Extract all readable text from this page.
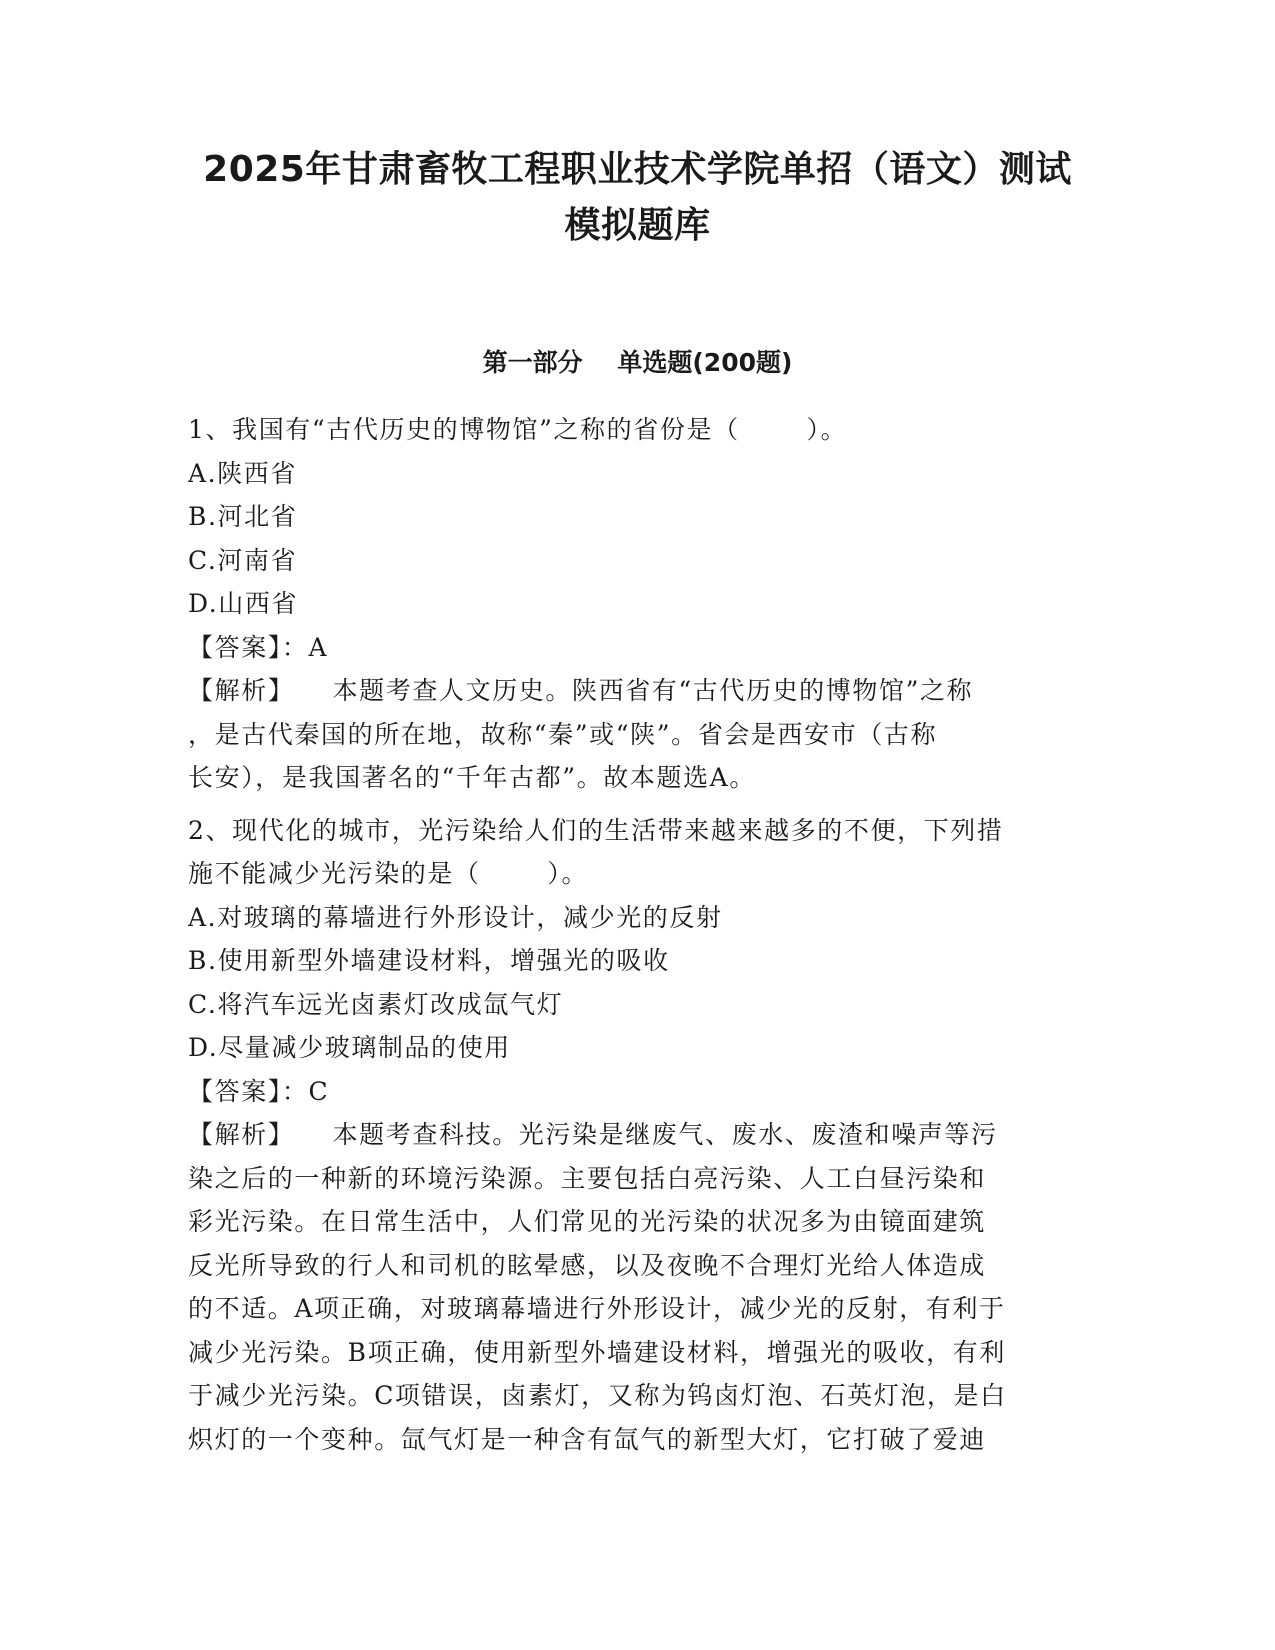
2025年甘肃畜牧工程职业技术学院单招（语文）测试
模拟题库
第一部分    单选题(200题)
1、我国有“古代历史的博物馆”之称的省份是（       ）。
A.陕西省
B.河北省
C.河南省
D.山西省
【答案】：A
【解析】    本题考查人文历史。陕西省有“古代历史的博物馆”之称
，是古代秦国的所在地，故称“秦”或“陕”。省会是西安市（古称
长安），是我国著名的“千年古都”。故本题选A。
2、现代化的城市，光污染给人们的生活带来越来越多的不便，下列措
施不能减少光污染的是（       ）。
A.对玻璃的幕墙进行外形设计，减少光的反射
B.使用新型外墙建设材料，增强光的吸收
C.将汽车远光卤素灯改成氙气灯
D.尽量减少玻璃制品的使用
【答案】：C
【解析】    本题考查科技。光污染是继废气、废水、废渣和噪声等污
染之后的一种新的环境污染源。主要包括白亮污染、人工白昼污染和
彩光污染。在日常生活中，人们常见的光污染的状况多为由镜面建筑
反光所导致的行人和司机的眩晕感，以及夜晚不合理灯光给人体造成
的不适。A项正确，对玻璃幕墙进行外形设计，减少光的反射，有利于
减少光污染。B项正确，使用新型外墙建设材料，增强光的吸收，有利
于减少光污染。C项错误，卤素灯，又称为钨卤灯泡、石英灯泡，是白
炽灯的一个变种。氙气灯是一种含有氙气的新型大灯，它打破了爱迪
